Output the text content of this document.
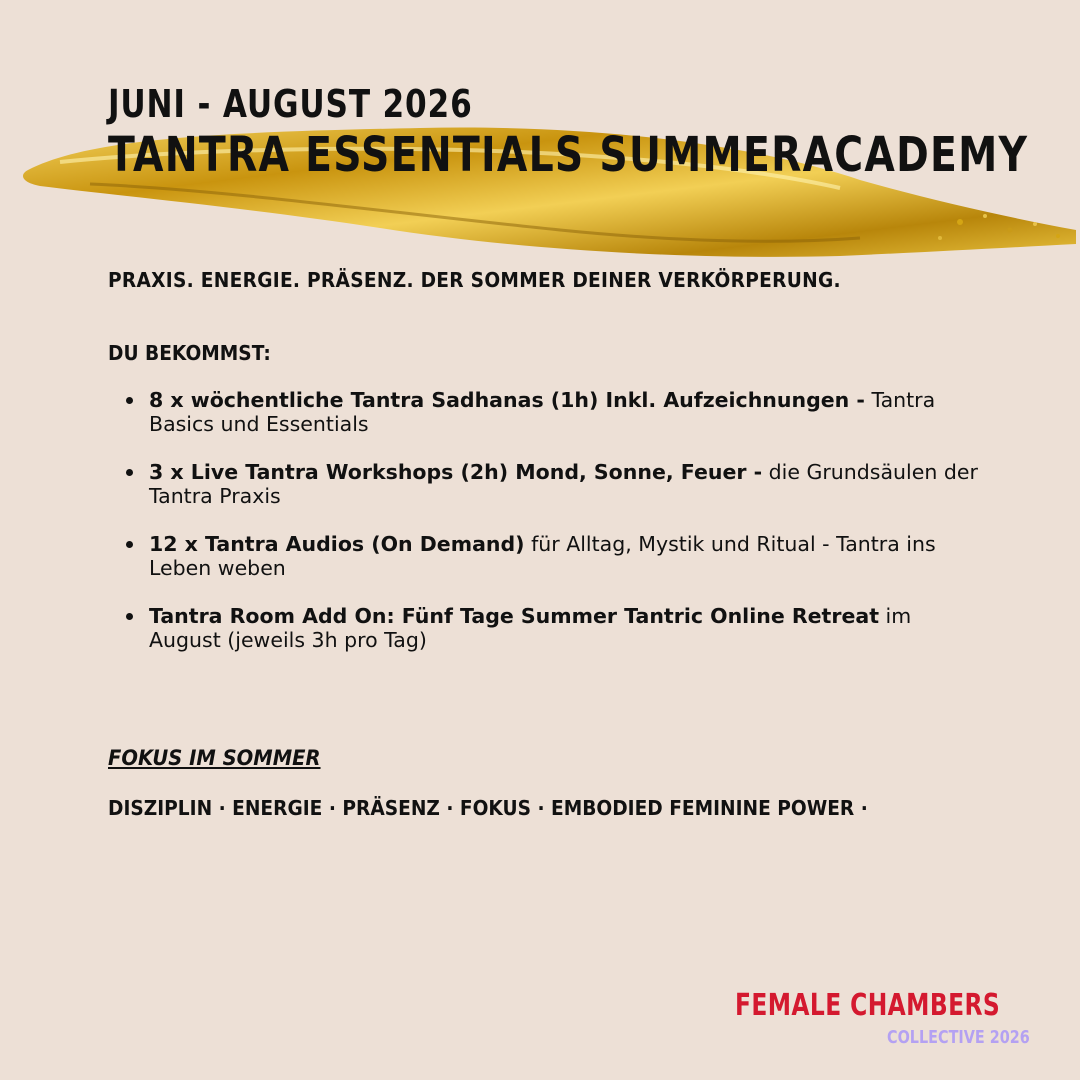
JUNI - AUGUST 2026
TANTRA ESSENTIALS SUMMERACADEMY

PRAXIS. ENERGIE. PRÄSENZ. DER SOMMER DEINER VERKÖRPERUNG.

DU BEKOMMST:

8 x wöchentliche Tantra Sadhanas (1h) Inkl. Aufzeichnungen - Tantra Basics und Essentials
3 x Live Tantra Workshops (2h) Mond, Sonne, Feuer - die Grundsäulen der Tantra Praxis
12 x Tantra Audios (On Demand) für Alltag, Mystik und Ritual - Tantra ins Leben weben
Tantra Room Add On: Fünf Tage Summer Tantric Online Retreat im August (jeweils 3h pro Tag)

FOKUS IM SOMMER

DISZIPLIN · ENERGIE · PRÄSENZ · FOKUS · EMBODIED FEMININE POWER ·

FEMALE CHAMBERS

COLLECTIVE 2026
